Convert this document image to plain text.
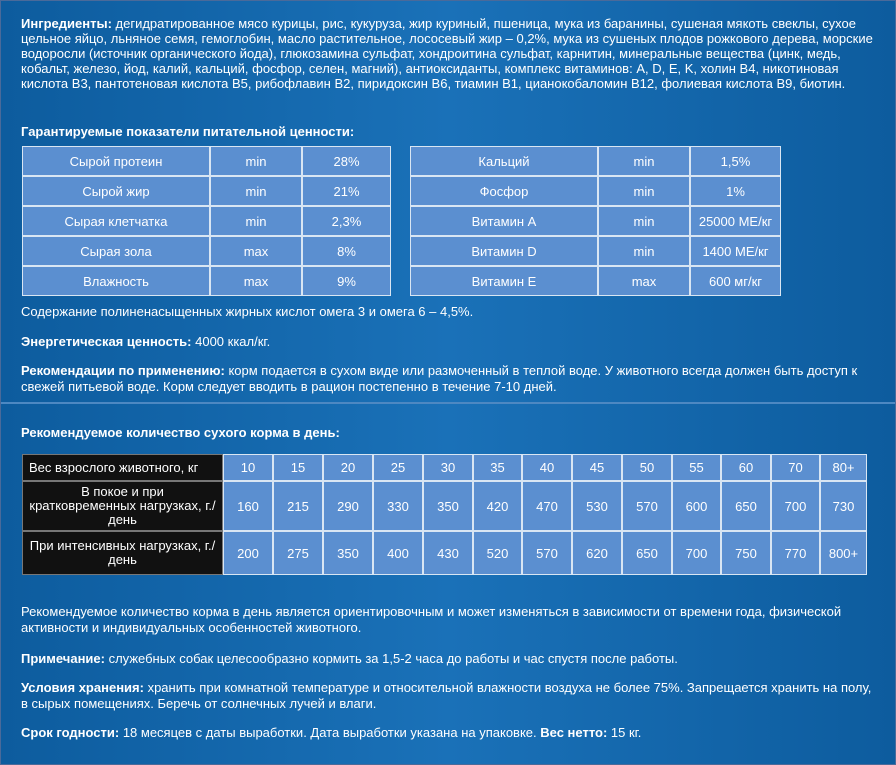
Ингредиенты: дегидратированное мясо курицы, рис, кукуруза, жир куриный, пшеница, мука из баранины, сушеная мякоть свеклы, сухое цельное яйцо, льняное семя, гемоглобин, масло растительное, лососевый жир – 0,2%, мука из сушеных плодов рожкового дерева, морские водоросли (источник органического йода), глюкозамина сульфат, хондроитина сульфат, карнитин, минеральные вещества (цинк, медь, кобальт, железо, йод, калий, кальций, фосфор, селен, магний), антиоксиданты, комплекс витаминов: A, D, E, K, холин B4, никотиновая кислота B3, пантотеновая кислота B5, рибофлавин B2, пиридоксин B6, тиамин B1, цианокобаломин B12, фолиевая кислота B9, биотин.

Гарантируемые показатели питательной ценности:

Сырой протеин	min	28%
Сырой жир	min	21%
Сырая клетчатка	min	2,3%
Сырая зола	max	8%
Влажность	max	9%
Кальций	min	1,5%
Фосфор	min	1%
Витамин A	min	25000 МЕ/кг
Витамин D	min	1400 МЕ/кг
Витамин E	max	600 мг/кг

Содержание полиненасыщенных жирных кислот омега 3 и омега 6 – 4,5%.

Энергетическая ценность: 4000 ккал/кг.

Рекомендации по применению: корм подается в сухом виде или размоченный в теплой воде. У животного всегда должен быть доступ к свежей питьевой воде. Корм следует вводить в рацион постепенно в течение 7-10 дней.

Рекомендуемое количество сухого корма в день:

Вес взрослого животного, кг	10	15	20	25	30	35	40	45	50	55	60	70	80+
В покое и при кратковременных нагрузках, г./день	160	215	290	330	350	420	470	530	570	600	650	700	730
При интенсивных нагрузках, г./день	200	275	350	400	430	520	570	620	650	700	750	770	800+

Рекомендуемое количество корма в день является ориентировочным и может изменяться в зависимости от времени года, физической активности и индивидуальных особенностей животного.

Примечание: служебных собак целесообразно кормить за 1,5-2 часа до работы и час спустя после работы.

Условия хранения: хранить при комнатной температуре и относительной влажности воздуха не более 75%. Запрещается хранить на полу, в сырых помещениях. Беречь от солнечных лучей и влаги.

Срок годности: 18 месяцев с даты выработки. Дата выработки указана на упаковке. Вес нетто: 15 кг.
